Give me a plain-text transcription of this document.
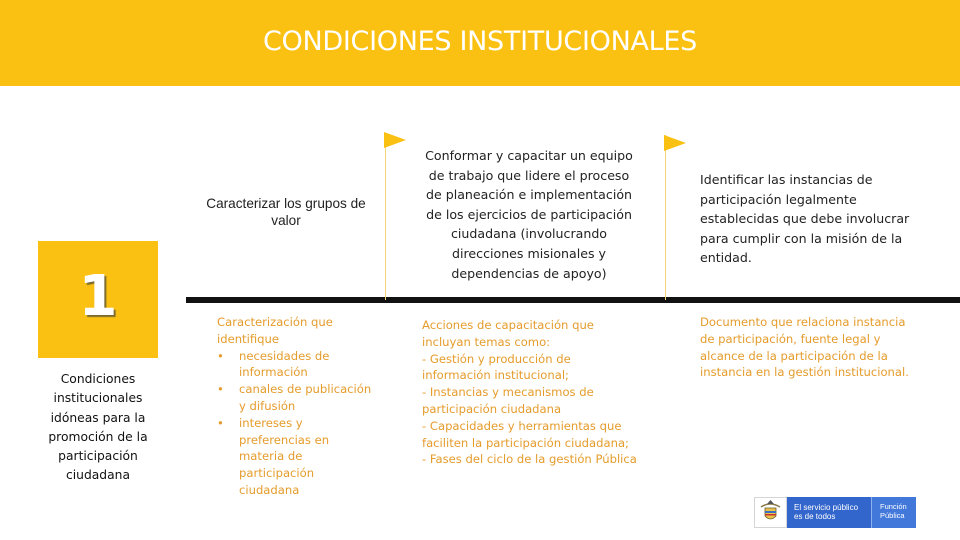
CONDICIONES INSTITUCIONALES
1
Condiciones
institucionales
idóneas para la
promoción de la
participación
ciudadana
Caracterizar los grupos de
valor
Conformar y capacitar un equipo
de trabajo que lidere el proceso
de planeación e implementación
de los ejercicios de participación
ciudadana (involucrando
direcciones misionales y
dependencias de apoyo)
Identificar las instancias de
participación legalmente
establecidas que debe involucrar
para cumplir con la misión de la
entidad.
Caracterización que
identifique
• necesidades de
información
• canales de publicación
y difusión
• intereses y
preferencias en
materia de
participación
ciudadana
Acciones de capacitación que
incluyan temas como:
- Gestión y producción de
información institucional;
- Instancias y mecanismos de
participación ciudadana
- Capacidades y herramientas que
faciliten la participación ciudadana;
- Fases del ciclo de la gestión Pública
Documento que relaciona instancia
de participación, fuente legal y
alcance de la participación de la
instancia en la gestión institucional.
El servicio público
es de todos
Función
Pública
